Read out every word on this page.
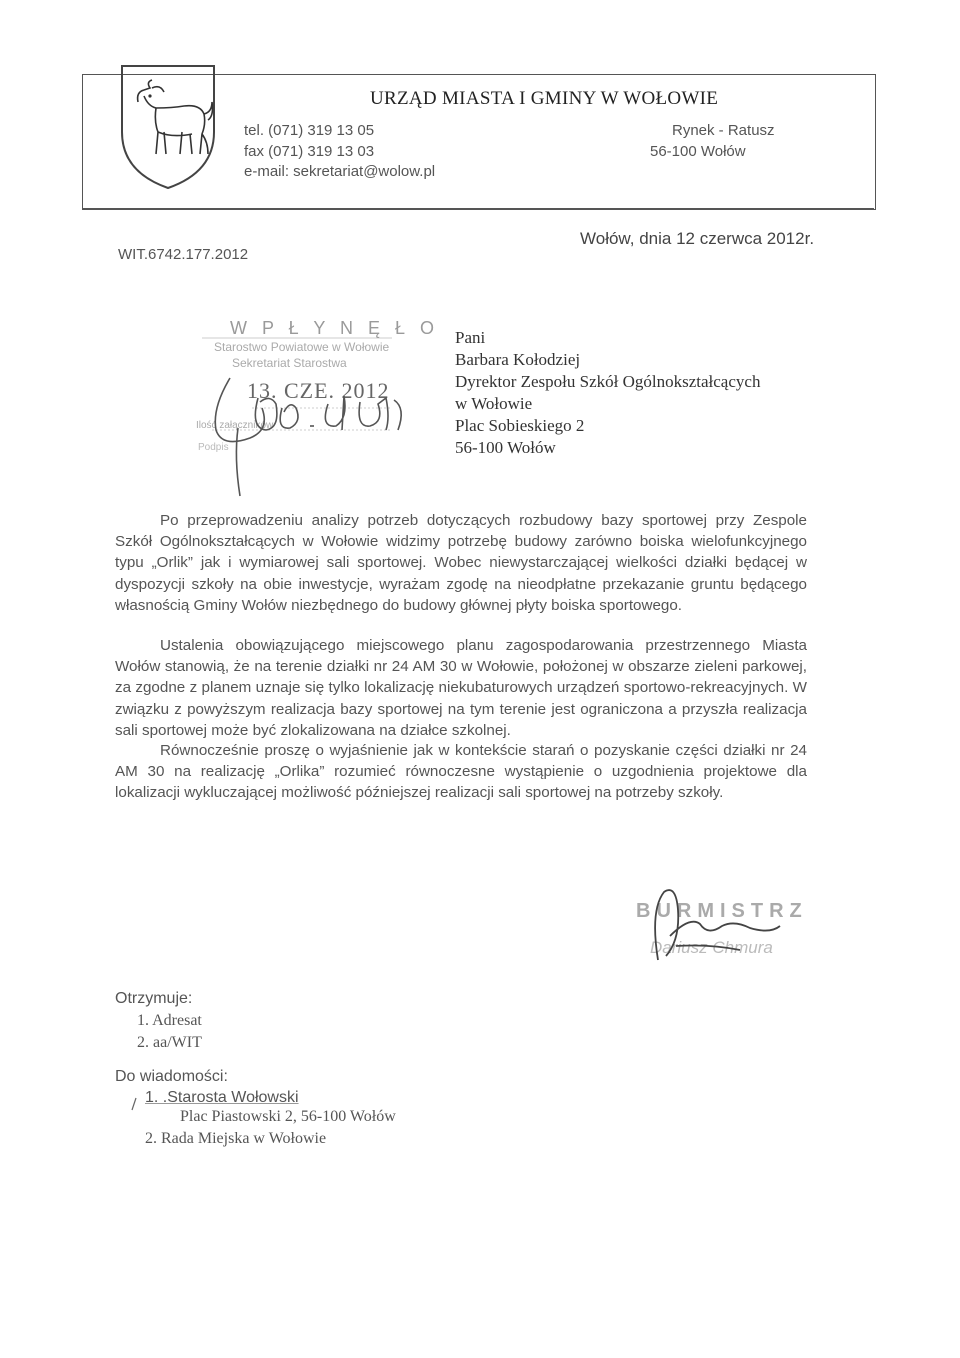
URZĄD MIASTA I GMINY W WOŁOWIE
tel. (071) 319 13 05
fax (071) 319 13 03
e-mail: sekretariat@wolow.pl
Rynek - Ratusz
56-100 Wołów
WIT.6742.177.2012
Wołów, dnia 12 czerwca 2012r.
W P Ł Y N Ę Ł O
Starostwo Powiatowe w Wołowie
Sekretariat Starostwa
13. CZE. 2012
Ilość załączników
Podpis
Pani
Barbara Kołodziej
Dyrektor Zespołu Szkół Ogólnokształcących
w Wołowie
Plac Sobieskiego 2
56-100 Wołów
Po przeprowadzeniu analizy potrzeb dotyczących rozbudowy bazy sportowej przy Zespole Szkół Ogólnokształcących w Wołowie widzimy potrzebę budowy zarówno boiska wielofunkcyjnego typu „Orlik” jak i wymiarowej sali sportowej. Wobec niewystarczającej wielkości działki będącej w dyspozycji szkoły na obie inwestycje, wyrażam zgodę na nieodpłatne przekazanie gruntu będącego własnością Gminy Wołów niezbędnego do budowy głównej płyty boiska sportowego.
Ustalenia obowiązującego miejscowego planu zagospodarowania przestrzennego Miasta Wołów stanowią, że na terenie działki nr 24 AM 30 w Wołowie, położonej w obszarze zieleni parkowej, za zgodne z planem uznaje się tylko lokalizację niekubaturowych urządzeń sportowo-rekreacyjnych. W związku z powyższym realizacja bazy sportowej na tym terenie jest ograniczona a przyszła realizacja sali sportowej może być zlokalizowana na działce szkolnej.
Równocześnie proszę o wyjaśnienie jak w kontekście starań o pozyskanie części działki nr 24 AM 30 na realizację „Orlika” rozumieć równoczesne wystąpienie o uzgodnienia projektowe dla lokalizacji wykluczającej możliwość późniejszej realizacji sali sportowej na potrzeby szkoły.
BURMISTRZ
Dariusz Chmura
Otrzymuje:
1. Adresat
2. aa/WIT
Do wiadomości:
1. .Starosta Wołowski
Plac Piastowski 2, 56-100 Wołów
2. Rada Miejska w Wołowie
